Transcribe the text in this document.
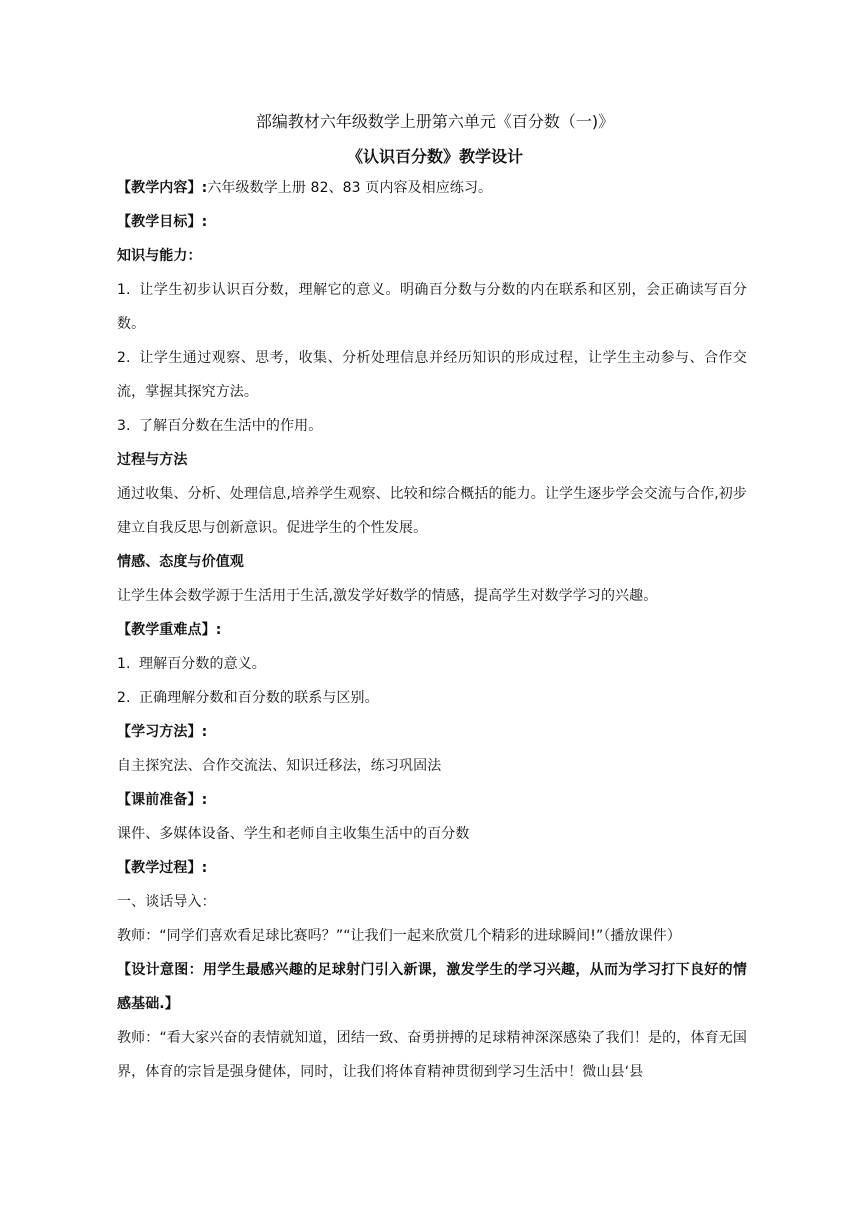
部编教材六年级数学上册第六单元《百分数（一)》
《认识百分数》教学设计

【教学内容】:六年级数学上册 82、83 页内容及相应练习。

【教学目标】:

知识与能力：

1. 让学生初步认识百分数，理解它的意义。明确百分数与分数的内在联系和区别，会正确读写百分数。

2. 让学生通过观察、思考，收集、分析处理信息并经历知识的形成过程，让学生主动参与、合作交流，掌握其探究方法。

3. 了解百分数在生活中的作用。

过程与方法

通过收集、分析、处理信息,培养学生观察、比较和综合概括的能力。让学生逐步学会交流与合作,初步建立自我反思与创新意识。促进学生的个性发展。

情感、态度与价值观

让学生体会数学源于生活用于生活,激发学好数学的情感，提高学生对数学学习的兴趣。

【教学重难点】:

1. 理解百分数的意义。

2. 正确理解分数和百分数的联系与区别。

【学习方法】:

自主探究法、合作交流法、知识迁移法，练习巩固法

【课前准备】:

课件、多媒体设备、学生和老师自主收集生活中的百分数

【教学过程】:

一、谈话导入：

教师：“同学们喜欢看足球比赛吗？”“让我们一起来欣赏几个精彩的进球瞬间!”（播放课件）

【设计意图：用学生最感兴趣的足球射门引入新课，激发学生的学习兴趣，从而为学习打下良好的情感基础.】

教师：“看大家兴奋的表情就知道，团结一致、奋勇拼搏的足球精神深深感染了我们！是的，体育无国界，体育的宗旨是强身健体，同时，让我们将体育精神贯彻到学习生活中！微山县‘县
